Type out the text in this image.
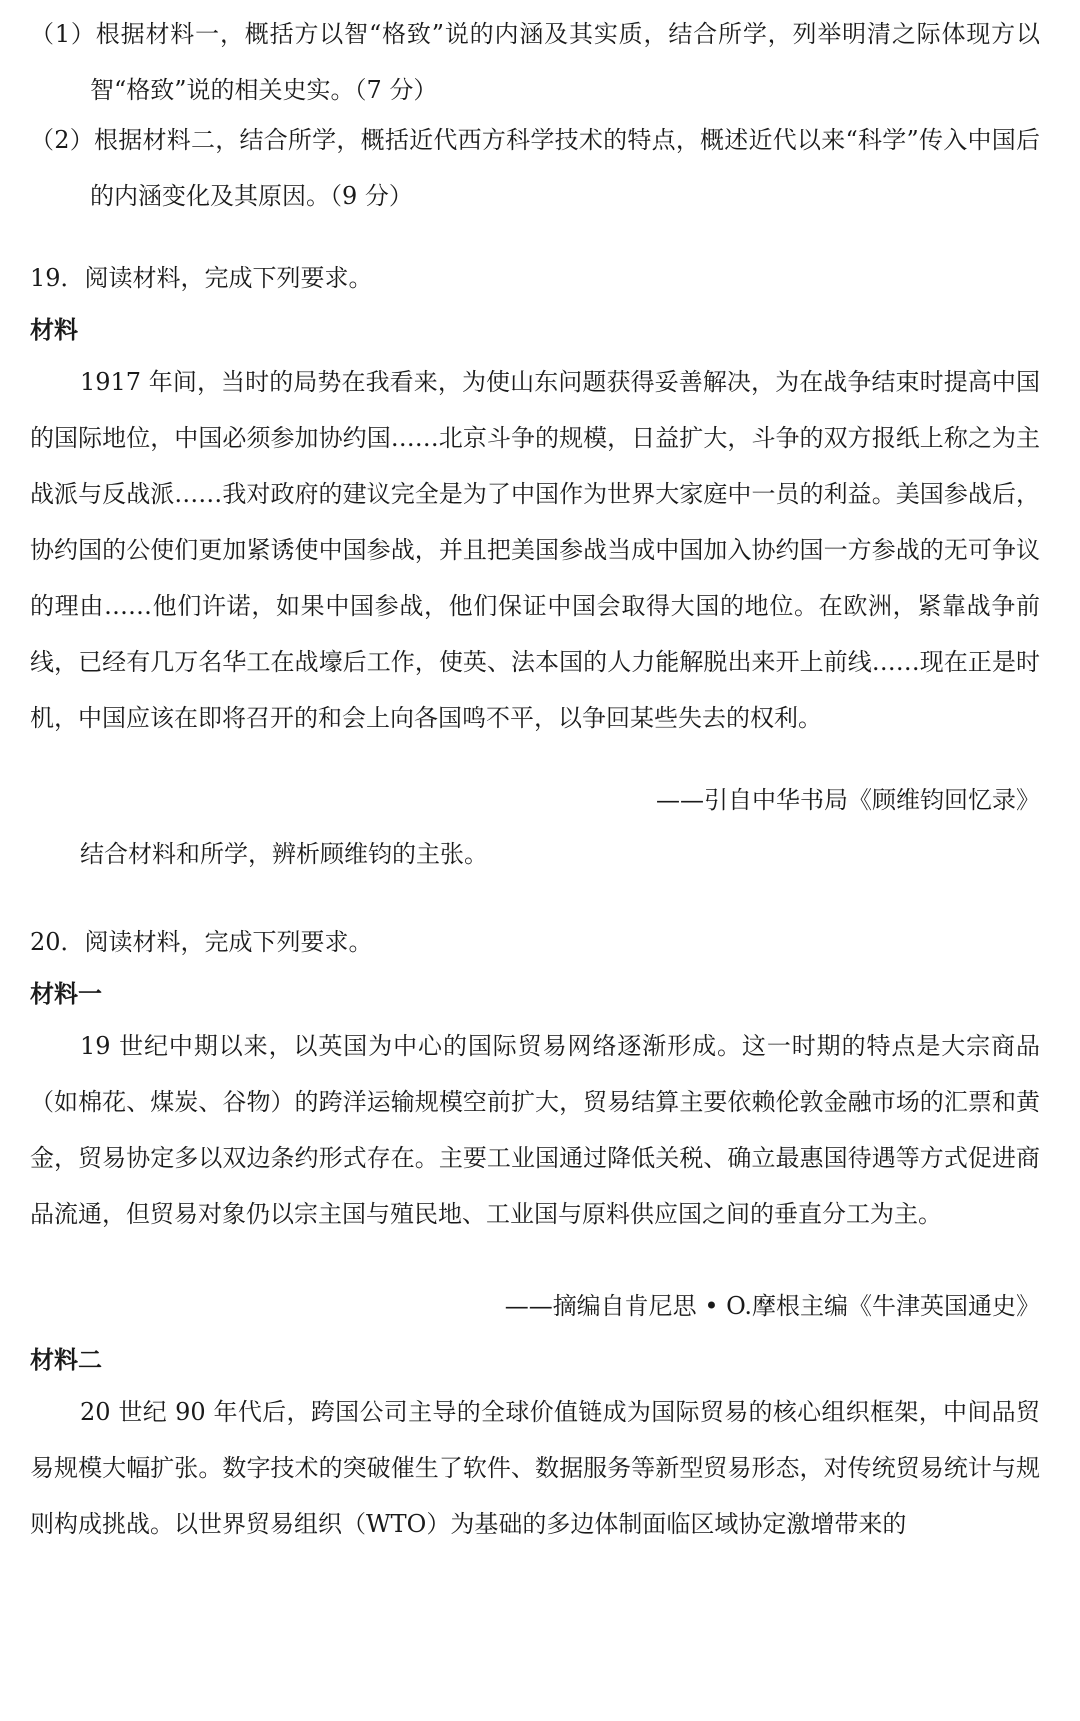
（1）根据材料一，概括方以智“格致”说的内涵及其实质，结合所学，列举明清之际体现方以智“格致”说的相关史实。（7 分）
（2）根据材料二，结合所学，概括近代西方科学技术的特点，概述近代以来“科学”传入中国后的内涵变化及其原因。（9 分）
19．阅读材料，完成下列要求。
材料
1917 年间，当时的局势在我看来，为使山东问题获得妥善解决，为在战争结束时提高中国的国际地位，中国必须参加协约国……北京斗争的规模，日益扩大，斗争的双方报纸上称之为主战派与反战派……我对政府的建议完全是为了中国作为世界大家庭中一员的利益。美国参战后，协约国的公使们更加紧诱使中国参战，并且把美国参战当成中国加入协约国一方参战的无可争议的理由……他们许诺，如果中国参战，他们保证中国会取得大国的地位。在欧洲，紧靠战争前线，已经有几万名华工在战壕后工作，使英、法本国的人力能解脱出来开上前线……现在正是时机，中国应该在即将召开的和会上向各国鸣不平，以争回某些失去的权利。
——引自中华书局《顾维钧回忆录》
结合材料和所学，辨析顾维钧的主张。
20．阅读材料，完成下列要求。
材料一
19 世纪中期以来，以英国为中心的国际贸易网络逐渐形成。这一时期的特点是大宗商品（如棉花、煤炭、谷物）的跨洋运输规模空前扩大，贸易结算主要依赖伦敦金融市场的汇票和黄金，贸易协定多以双边条约形式存在。主要工业国通过降低关税、确立最惠国待遇等方式促进商品流通，但贸易对象仍以宗主国与殖民地、工业国与原料供应国之间的垂直分工为主。
——摘编自肯尼思 • O.摩根主编《牛津英国通史》
材料二
20 世纪 90 年代后，跨国公司主导的全球价值链成为国际贸易的核心组织框架，中间品贸易规模大幅扩张。数字技术的突破催生了软件、数据服务等新型贸易形态，对传统贸易统计与规则构成挑战。以世界贸易组织（WTO）为基础的多边体制面临区域协定激增带来的
